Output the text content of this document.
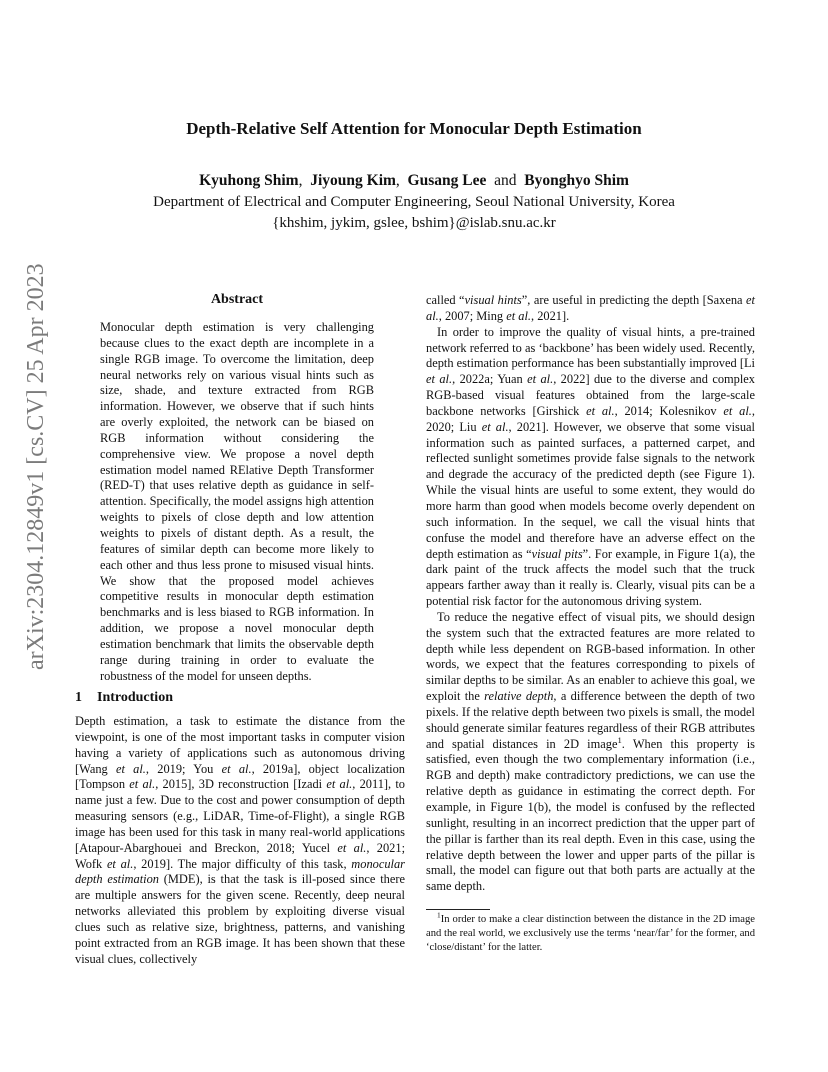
Depth-Relative Self Attention for Monocular Depth Estimation
Kyuhong Shim, Jiyoung Kim, Gusang Lee and Byonghyo Shim
Department of Electrical and Computer Engineering, Seoul National University, Korea
{khshim, jykim, gslee, bshim}@islab.snu.ac.kr
arXiv:2304.12849v1 [cs.CV] 25 Apr 2023	Abstract

Monocular depth estimation is very challenging because clues to the exact depth are incomplete in a single RGB image. To overcome the limitation, deep neural networks rely on various visual hints such as size, shade, and texture extracted from RGB information. However, we observe that if such hints are overly exploited, the network can be biased on RGB information without considering the comprehensive view. We propose a novel depth estimation model named RElative Depth Transformer (RED-T) that uses relative depth as guidance in self-attention. Specifically, the model assigns high attention weights to pixels of close depth and low attention weights to pixels of distant depth. As a result, the features of similar depth can become more likely to each other and thus less prone to misused visual hints. We show that the proposed model achieves competitive results in monocular depth estimation benchmarks and is less biased to RGB information. In addition, we propose a novel monocular depth estimation benchmark that limits the observable depth range during training in order to evaluate the robustness of the model for unseen depths.

1 Introduction

Depth estimation, a task to estimate the distance from the viewpoint, is one of the most important tasks in computer vision having a variety of applications such as autonomous driving [Wang et al., 2019; You et al., 2019a], object localization [Tompson et al., 2015], 3D reconstruction [Izadi et al., 2011], to name just a few. Due to the cost and power consumption of depth measuring sensors (e.g., LiDAR, Time-of-Flight), a single RGB image has been used for this task in many real-world applications [Atapour-Abarghouei and Breckon, 2018; Yucel et al., 2021; Wofk et al., 2019]. The major difficulty of this task, monocular depth estimation (MDE), is that the task is ill-posed since there are multiple answers for the given scene. Recently, deep neural networks alleviated this problem by exploiting diverse visual clues such as relative size, brightness, patterns, and vanishing point extracted from an RGB image. It has been shown that these visual clues, collectively

called “visual hints”, are useful in predicting the depth [Saxena et al., 2007; Ming et al., 2021].

In order to improve the quality of visual hints, a pre-trained network referred to as ‘backbone’ has been widely used. Recently, depth estimation performance has been substantially improved [Li et al., 2022a; Yuan et al., 2022] due to the diverse and complex RGB-based visual features obtained from the large-scale backbone networks [Girshick et al., 2014; Kolesnikov et al., 2020; Liu et al., 2021]. However, we observe that some visual information such as painted surfaces, a patterned carpet, and reflected sunlight sometimes provide false signals to the network and degrade the accuracy of the predicted depth (see Figure 1). While the visual hints are useful to some extent, they would do more harm than good when models become overly dependent on such information. In the sequel, we call the visual hints that confuse the model and therefore have an adverse effect on the depth estimation as “visual pits”. For example, in Figure 1(a), the dark paint of the truck affects the model such that the truck appears farther away than it really is. Clearly, visual pits can be a potential risk factor for the autonomous driving system.

To reduce the negative effect of visual pits, we should design the system such that the extracted features are more related to depth while less dependent on RGB-based information. In other words, we expect that the features corresponding to pixels of similar depths to be similar. As an enabler to achieve this goal, we exploit the relative depth, a difference between the depth of two pixels. If the relative depth between two pixels is small, the model should generate similar features regardless of their RGB attributes and spatial distances in 2D image$^1$. When this property is satisfied, even though the two complementary information (i.e., RGB and depth) make contradictory predictions, we can use the relative depth as guidance in estimating the correct depth. For example, in Figure 1(b), the model is confused by the reflected sunlight, resulting in an incorrect prediction that the upper part of the pillar is farther than its real depth. Even in this case, using the relative depth between the lower and upper parts of the pillar is small, the model can figure out that both parts are actually at the same depth.

$^1$In order to make a clear distinction between the distance in the 2D image and the real world, we exclusively use the terms ‘near/far’ for the former, and ‘close/distant’ for the latter.
